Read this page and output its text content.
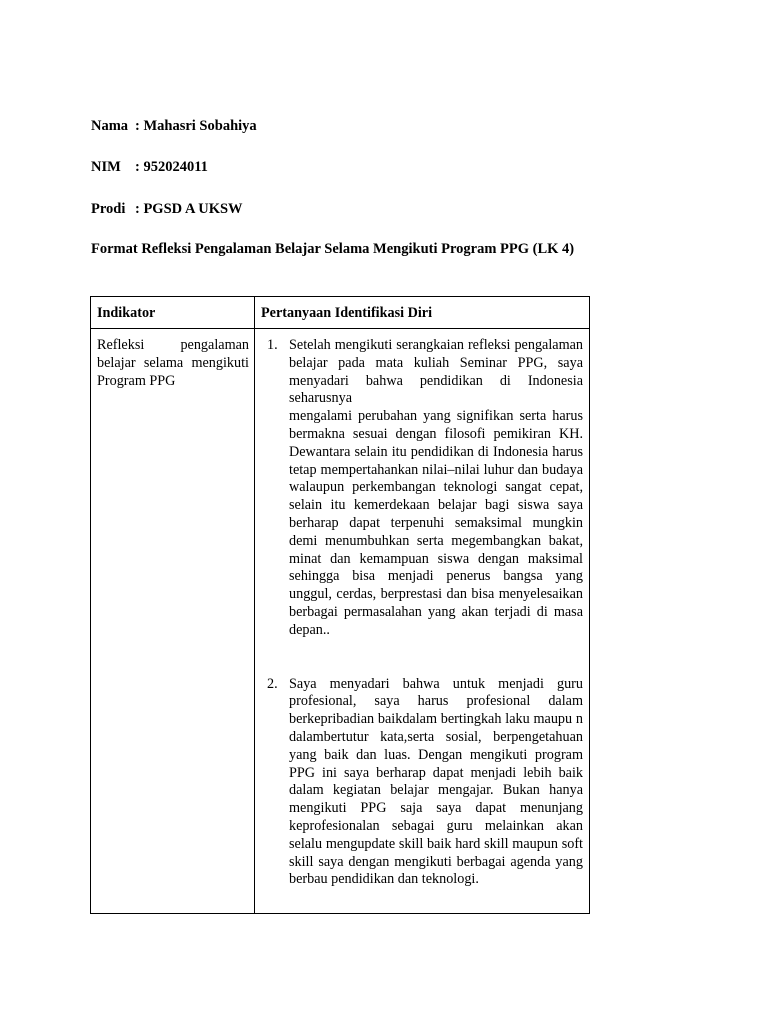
Nama : Mahasri Sobahiya
NIM : 952024011
Prodi : PGSD A UKSW
Format Refleksi Pengalaman Belajar Selama Mengikuti Program PPG (LK 4)
Indikator	Pertanyaan Identifikasi Diri
Refleksi pengalaman belajar selama mengikuti Program PPG	1. Setelah mengikuti serangkaian refleksi pengalaman belajar pada mata kuliah Seminar PPG, saya menyadari bahwa pendidikan di Indonesia seharusnya

mengalami perubahan yang signifikan serta harus bermakna sesuai dengan filosofi pemikiran KH. Dewantara selain itu pendidikan di Indonesia harus tetap mempertahankan nilai–nilai luhur dan budaya walaupun perkembangan teknologi sangat cepat, selain itu kemerdekaan belajar bagi siswa saya berharap dapat terpenuhi semaksimal mungkin demi menumbuhkan serta megembangkan bakat, minat dan kemampuan siswa dengan maksimal sehingga bisa menjadi penerus bangsa yang unggul, cerdas, berprestasi dan bisa menyelesaikan berbagai permasalahan yang akan terjadi di masa depan..

2. Saya menyadari bahwa untuk menjadi guru profesional, saya harus profesional dalam berkepribadian baikdalam bertingkah laku maupu n dalambertutur kata,serta sosial, berpengetahuan yang baik dan luas. Dengan mengikuti program PPG ini saya berharap dapat menjadi lebih baik dalam kegiatan belajar mengajar. Bukan hanya mengikuti PPG saja saya dapat menunjang keprofesionalan sebagai guru melainkan akan selalu mengupdate skill baik hard skill maupun soft skill saya dengan mengikuti berbagai agenda yang berbau pendidikan dan teknologi.
